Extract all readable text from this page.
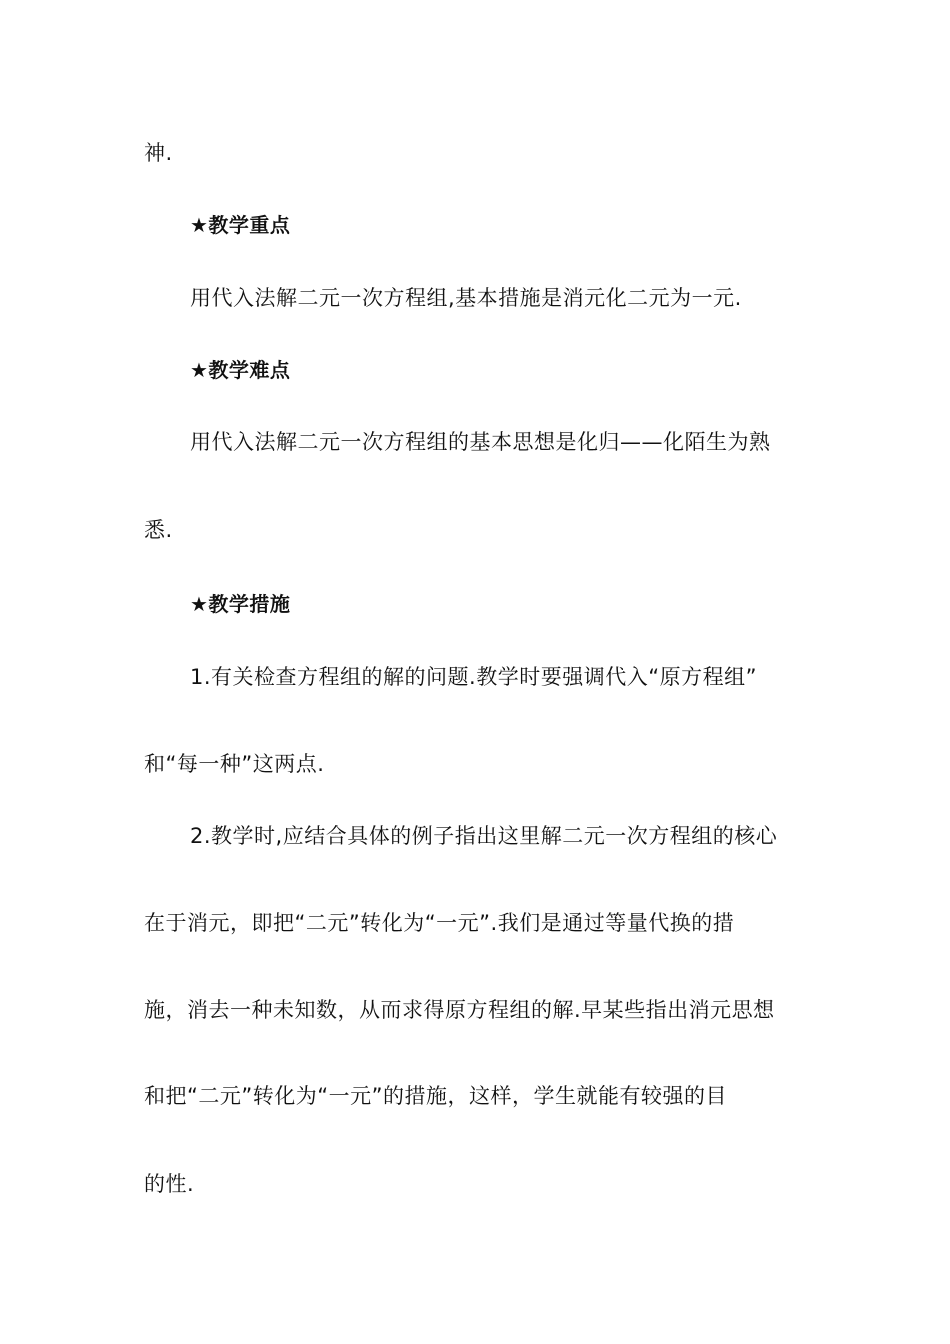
神.
★教学重点
用代入法解二元一次方程组,基本措施是消元化二元为一元.
★教学难点
用代入法解二元一次方程组的基本思想是化归——化陌生为熟
悉.
★教学措施
1.有关检查方程组的解的问题.教学时要强调代入“原方程组”
和“每一种”这两点.
2.教学时,应结合具体的例子指出这里解二元一次方程组的核心
在于消元，即把“二元”转化为“一元”.我们是通过等量代换的措
施，消去一种未知数，从而求得原方程组的解.早某些指出消元思想
和把“二元”转化为“一元”的措施，这样，学生就能有较强的目
的性.
